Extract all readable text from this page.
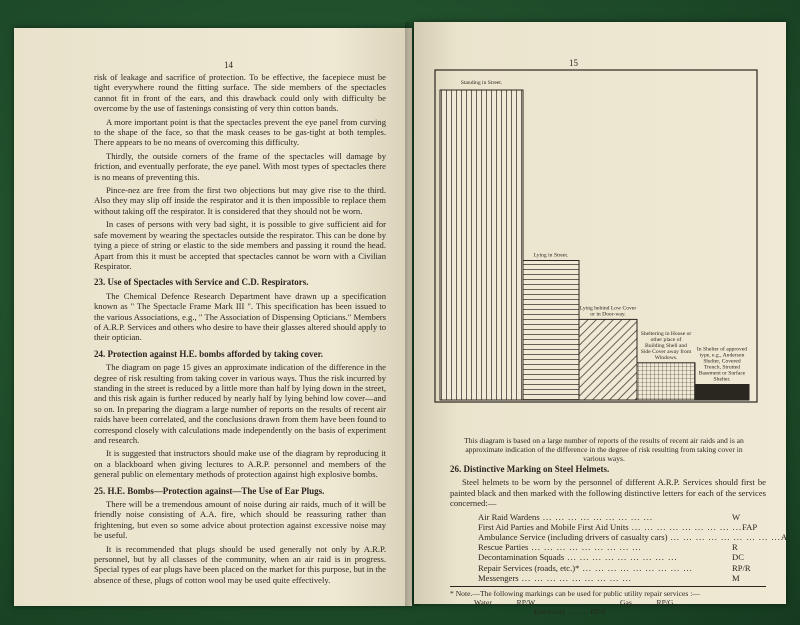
14

risk of leakage and sacrifice of protection. To be effective, the facepiece must be tight everywhere round the fitting surface. The side members of the spectacles cannot fit in front of the ears, and this drawback could only with difficulty be overcome by the use of fastenings consisting of very thin cotton bands.

A more important point is that the spectacles prevent the eye panel from curving to the shape of the face, so that the mask ceases to be gas-tight at both temples. There appears to be no means of overcoming this difficulty.

Thirdly, the outside corners of the frame of the spectacles will damage by friction, and eventually perforate, the eye panel. With most types of spectacles there is no means of preventing this.

Pince-nez are free from the first two objections but may give rise to the third. Also they may slip off inside the respirator and it is then impossible to replace them without taking off the respirator. It is considered that they should not be worn.

In cases of persons with very bad sight, it is possible to give sufficient aid for safe movement by wearing the spectacles outside the respirator. This can be done by tying a piece of string or elastic to the side members and passing it round the head. Apart from this it must be accepted that spectacles cannot be worn with a Civilian Respirator.

23. Use of Spectacles with Service and C.D. Respirators.

The Chemical Defence Research Department have drawn up a specification known as " The Spectacle Frame Mark III ". This specification has been issued to the various Associations, e.g., " The Association of Dispensing Opticians." Members of A.R.P. Services and others who desire to have their glasses altered should apply to their optician.

24. Protection against H.E. bombs afforded by taking cover.

The diagram on page 15 gives an approximate indication of the difference in the degree of risk resulting from taking cover in various ways. Thus the risk incurred by standing in the street is reduced by a little more than half by lying down in the street, and this risk again is further reduced by nearly half by lying behind low cover—and so on. In preparing the diagram a large number of reports on the results of recent air raids have been correlated, and the conclusions drawn from them have been found to correspond closely with calculations made independently on the basis of experiment and research.

It is suggested that instructors should make use of the diagram by reproducing it on a blackboard when giving lectures to A.R.P. personnel and members of the general public on elementary methods of protection against high explosive bombs.

25. H.E. Bombs—Protection against—The Use of Ear Plugs.

There will be a tremendous amount of noise during air raids, much of it will be friendly noise consisting of A.A. fire, which should be reassuring rather than frightening, but even so some advice about protection against excessive noise may be useful.

It is recommended that plugs should be used generally not only by A.R.P. personnel, but by all classes of the community, when an air raid is in progress. Special types of ear plugs have been placed on the market for this purpose, but in the absence of these, plugs of cotton wool may be used quite effectively.

15
Standing in Street.
Lying in Street.
Lying behind Low Cover or in Door-way.
Sheltering in House or other place of Building Shell and Side Cover away from Windows.
In Shelter of approved type, e.g., Anderson Shelter, Covered Trench, Strutted Basement or Surface Shelter.
This diagram is based on a large number of reports of the results of recent air raids and is an approximate indication of the difference in the degree of risk resulting from taking cover in various ways.
26. Distinctive Marking on Steel Helmets.

Steel helmets to be worn by the personnel of different A.R.P. Services should first be painted black and then marked with the following distinctive letters for each of the services concerned:—

Air Raid Wardens ...	W
First Aid Parties and Mobile First Aid Units ...	FAP
Ambulance Service (including drivers of casualty cars) ...	A
Rescue Parties ...	R
Decontamination Squads ...	DC
Repair Services (roads, etc.)* ...	RP/R
Messengers ...	M
* Note.—The following markings can be used for public utility repair services :—
Water ... ... ... RP/W	Gas ... ... ... RP/G
Electricity ... ... ... RP/E
